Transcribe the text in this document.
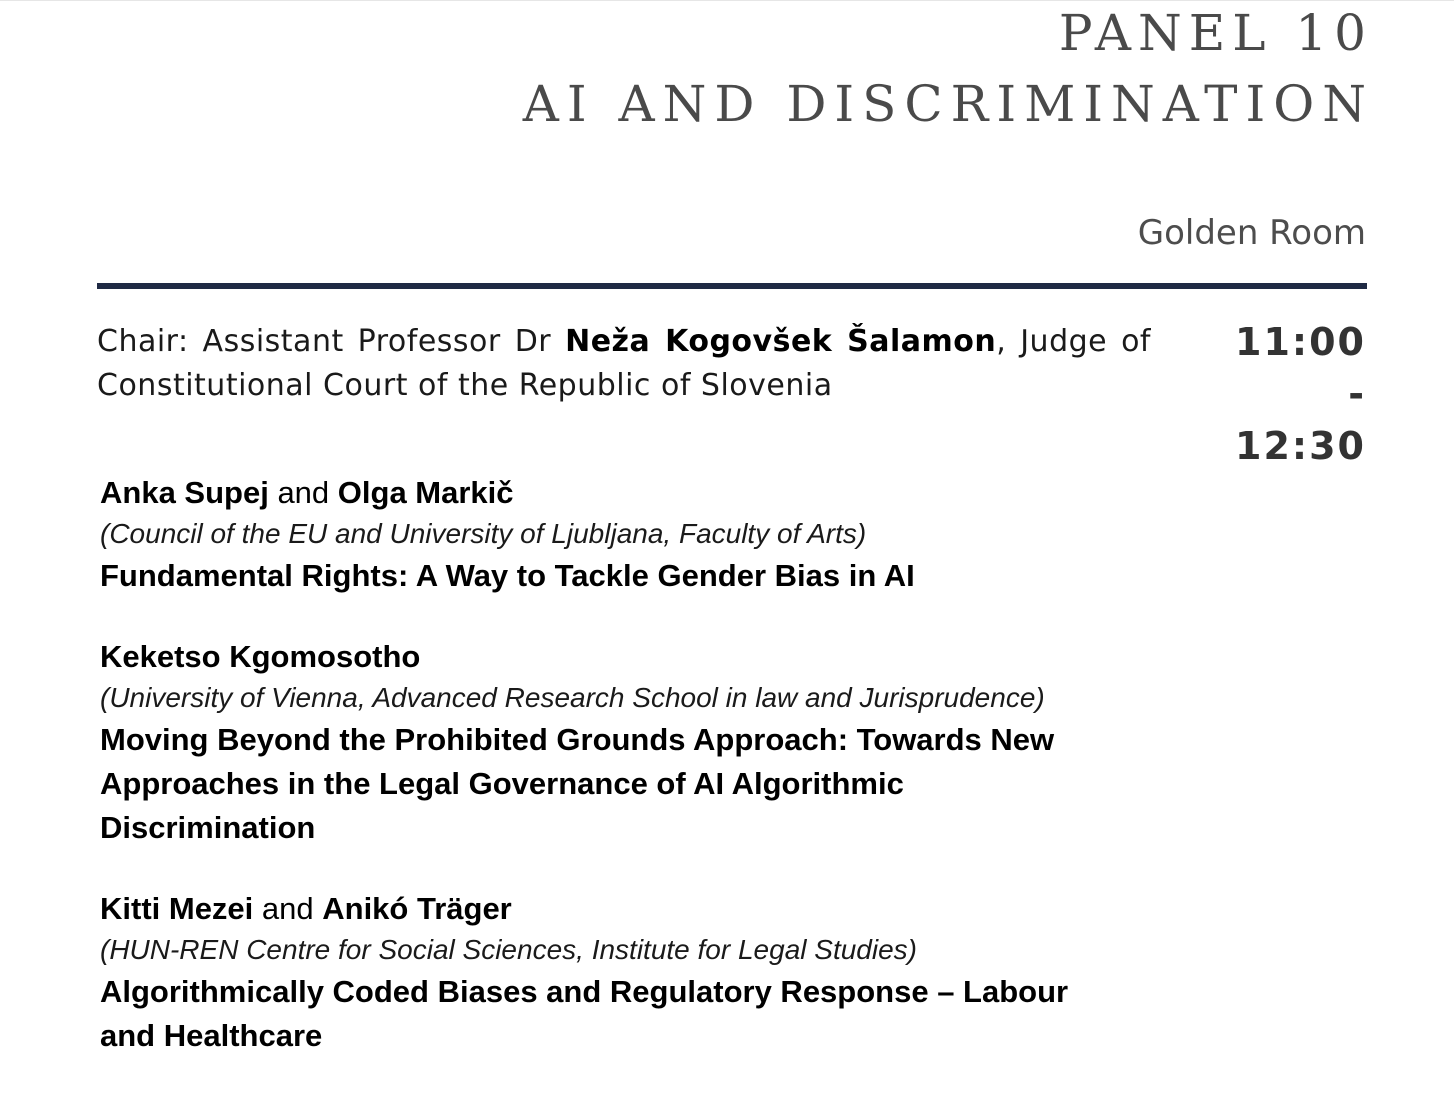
PANEL 10
AI AND DISCRIMINATION
Golden Room
Chair: Assistant Professor Dr Neža Kogovšek Šalamon, Judge of Constitutional Court of the Republic of Slovenia
11:00
-
12:30
Anka Supej and Olga Markič
(Council of the EU and University of Ljubljana, Faculty of Arts)
Fundamental Rights: A Way to Tackle Gender Bias in AI
Keketso Kgomosotho
(University of Vienna, Advanced Research School in law and Jurisprudence)
Moving Beyond the Prohibited Grounds Approach: Towards New Approaches in the Legal Governance of AI Algorithmic Discrimination
Kitti Mezei and Anikó Träger
(HUN-REN Centre for Social Sciences, Institute for Legal Studies)
Algorithmically Coded Biases and Regulatory Response – Labour and Healthcare
